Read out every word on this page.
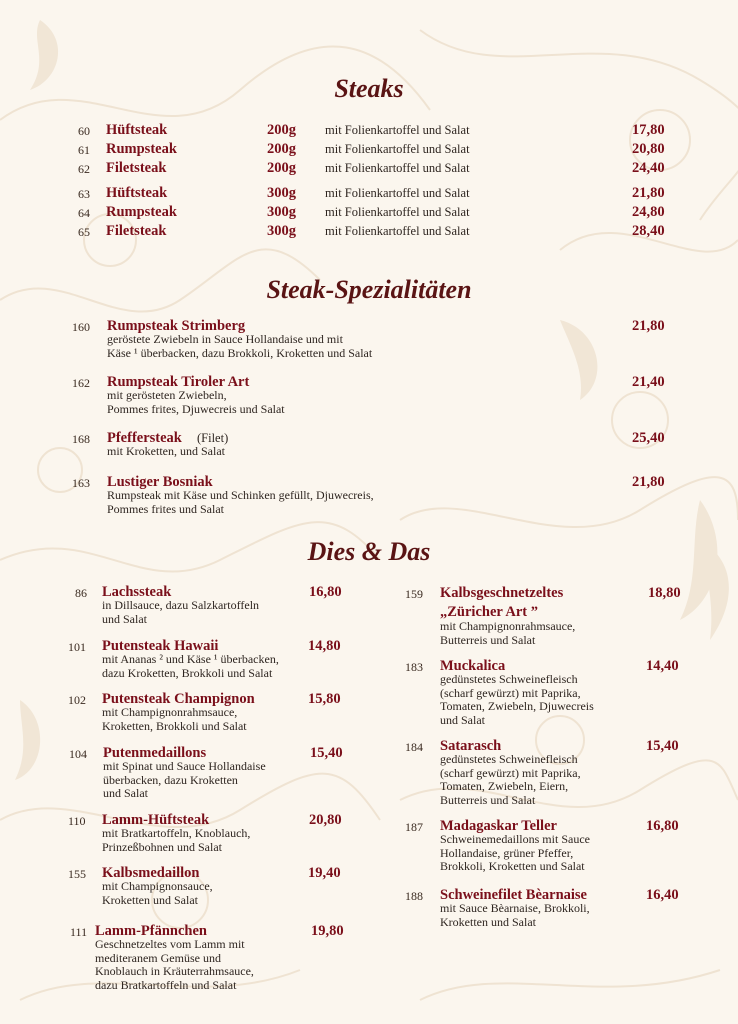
Steaks
60 Hüftsteak	200g mit Folienkartoffel und Salat	17,80
61 Rumpsteak	200g mit Folienkartoffel und Salat	20,80
62 Filetsteak	200g mit Folienkartoffel und Salat	24,40
63 Hüftsteak	300g mit Folienkartoffel und Salat	21,80
64 Rumpsteak	300g mit Folienkartoffel und Salat	24,80
65 Filetsteak	300g mit Folienkartoffel und Salat	28,40
Steak-Spezialitäten
160 Rumpsteak Strimberg	21,80
geröstete Zwiebeln in Sauce Hollandaise und mit
Käse ¹ überbacken, dazu Brokkoli, Kroketten und Salat
162 Rumpsteak Tiroler Art	21,40
mit gerösteten Zwiebeln,
Pommes frites, Djuwecreis und Salat
168 Pfeffersteak (Filet)	25,40
mit Kroketten, und Salat
163 Lustiger Bosniak	21,80
Rumpsteak mit Käse und Schinken gefüllt, Djuwecreis,
Pommes frites und Salat
Dies & Das
86 Lachssteak	16,80
in Dillsauce, dazu Salzkartoffeln
und Salat
101 Putensteak Hawaii	14,80
mit Ananas ² und Käse ¹ überbacken,
dazu Kroketten, Brokkoli und Salat
102 Putensteak Champignon	15,80
mit Champignonrahmsauce,
Kroketten, Brokkoli und Salat
104 Putenmedaillons	15,40
mit Spinat und Sauce Hollandaise
überbacken, dazu Kroketten
und Salat
110 Lamm-Hüftsteak	20,80
mit Bratkartoffeln, Knoblauch,
Prinzeßbohnen und Salat
155 Kalbsmedaillon	19,40
mit Champignonsauce,
Kroketten und Salat
111 Lamm-Pfännchen	19,80
Geschnetzeltes vom Lamm mit
mediteranem Gemüse und
Knoblauch in Kräuterrahmsauce,
dazu Bratkartoffeln und Salat
159 Kalbsgeschnetzeltes	18,80
„Züricher Art ”
mit Champignonrahmsauce,
Butterreis und Salat
183 Muckalica	14,40
gedünstetes Schweinefleisch
(scharf gewürzt) mit Paprika,
Tomaten, Zwiebeln, Djuwecreis
und Salat
184 Satarasch	15,40
gedünstetes Schweinefleisch
(scharf gewürzt) mit Paprika,
Tomaten, Zwiebeln, Eiern,
Butterreis und Salat
187 Madagaskar Teller	16,80
Schweinemedaillons mit Sauce
Hollandaise, grüner Pfeffer,
Brokkoli, Kroketten und Salat
188 Schweinefilet Bèarnaise	16,40
mit Sauce Bèarnaise, Brokkoli,
Kroketten und Salat
